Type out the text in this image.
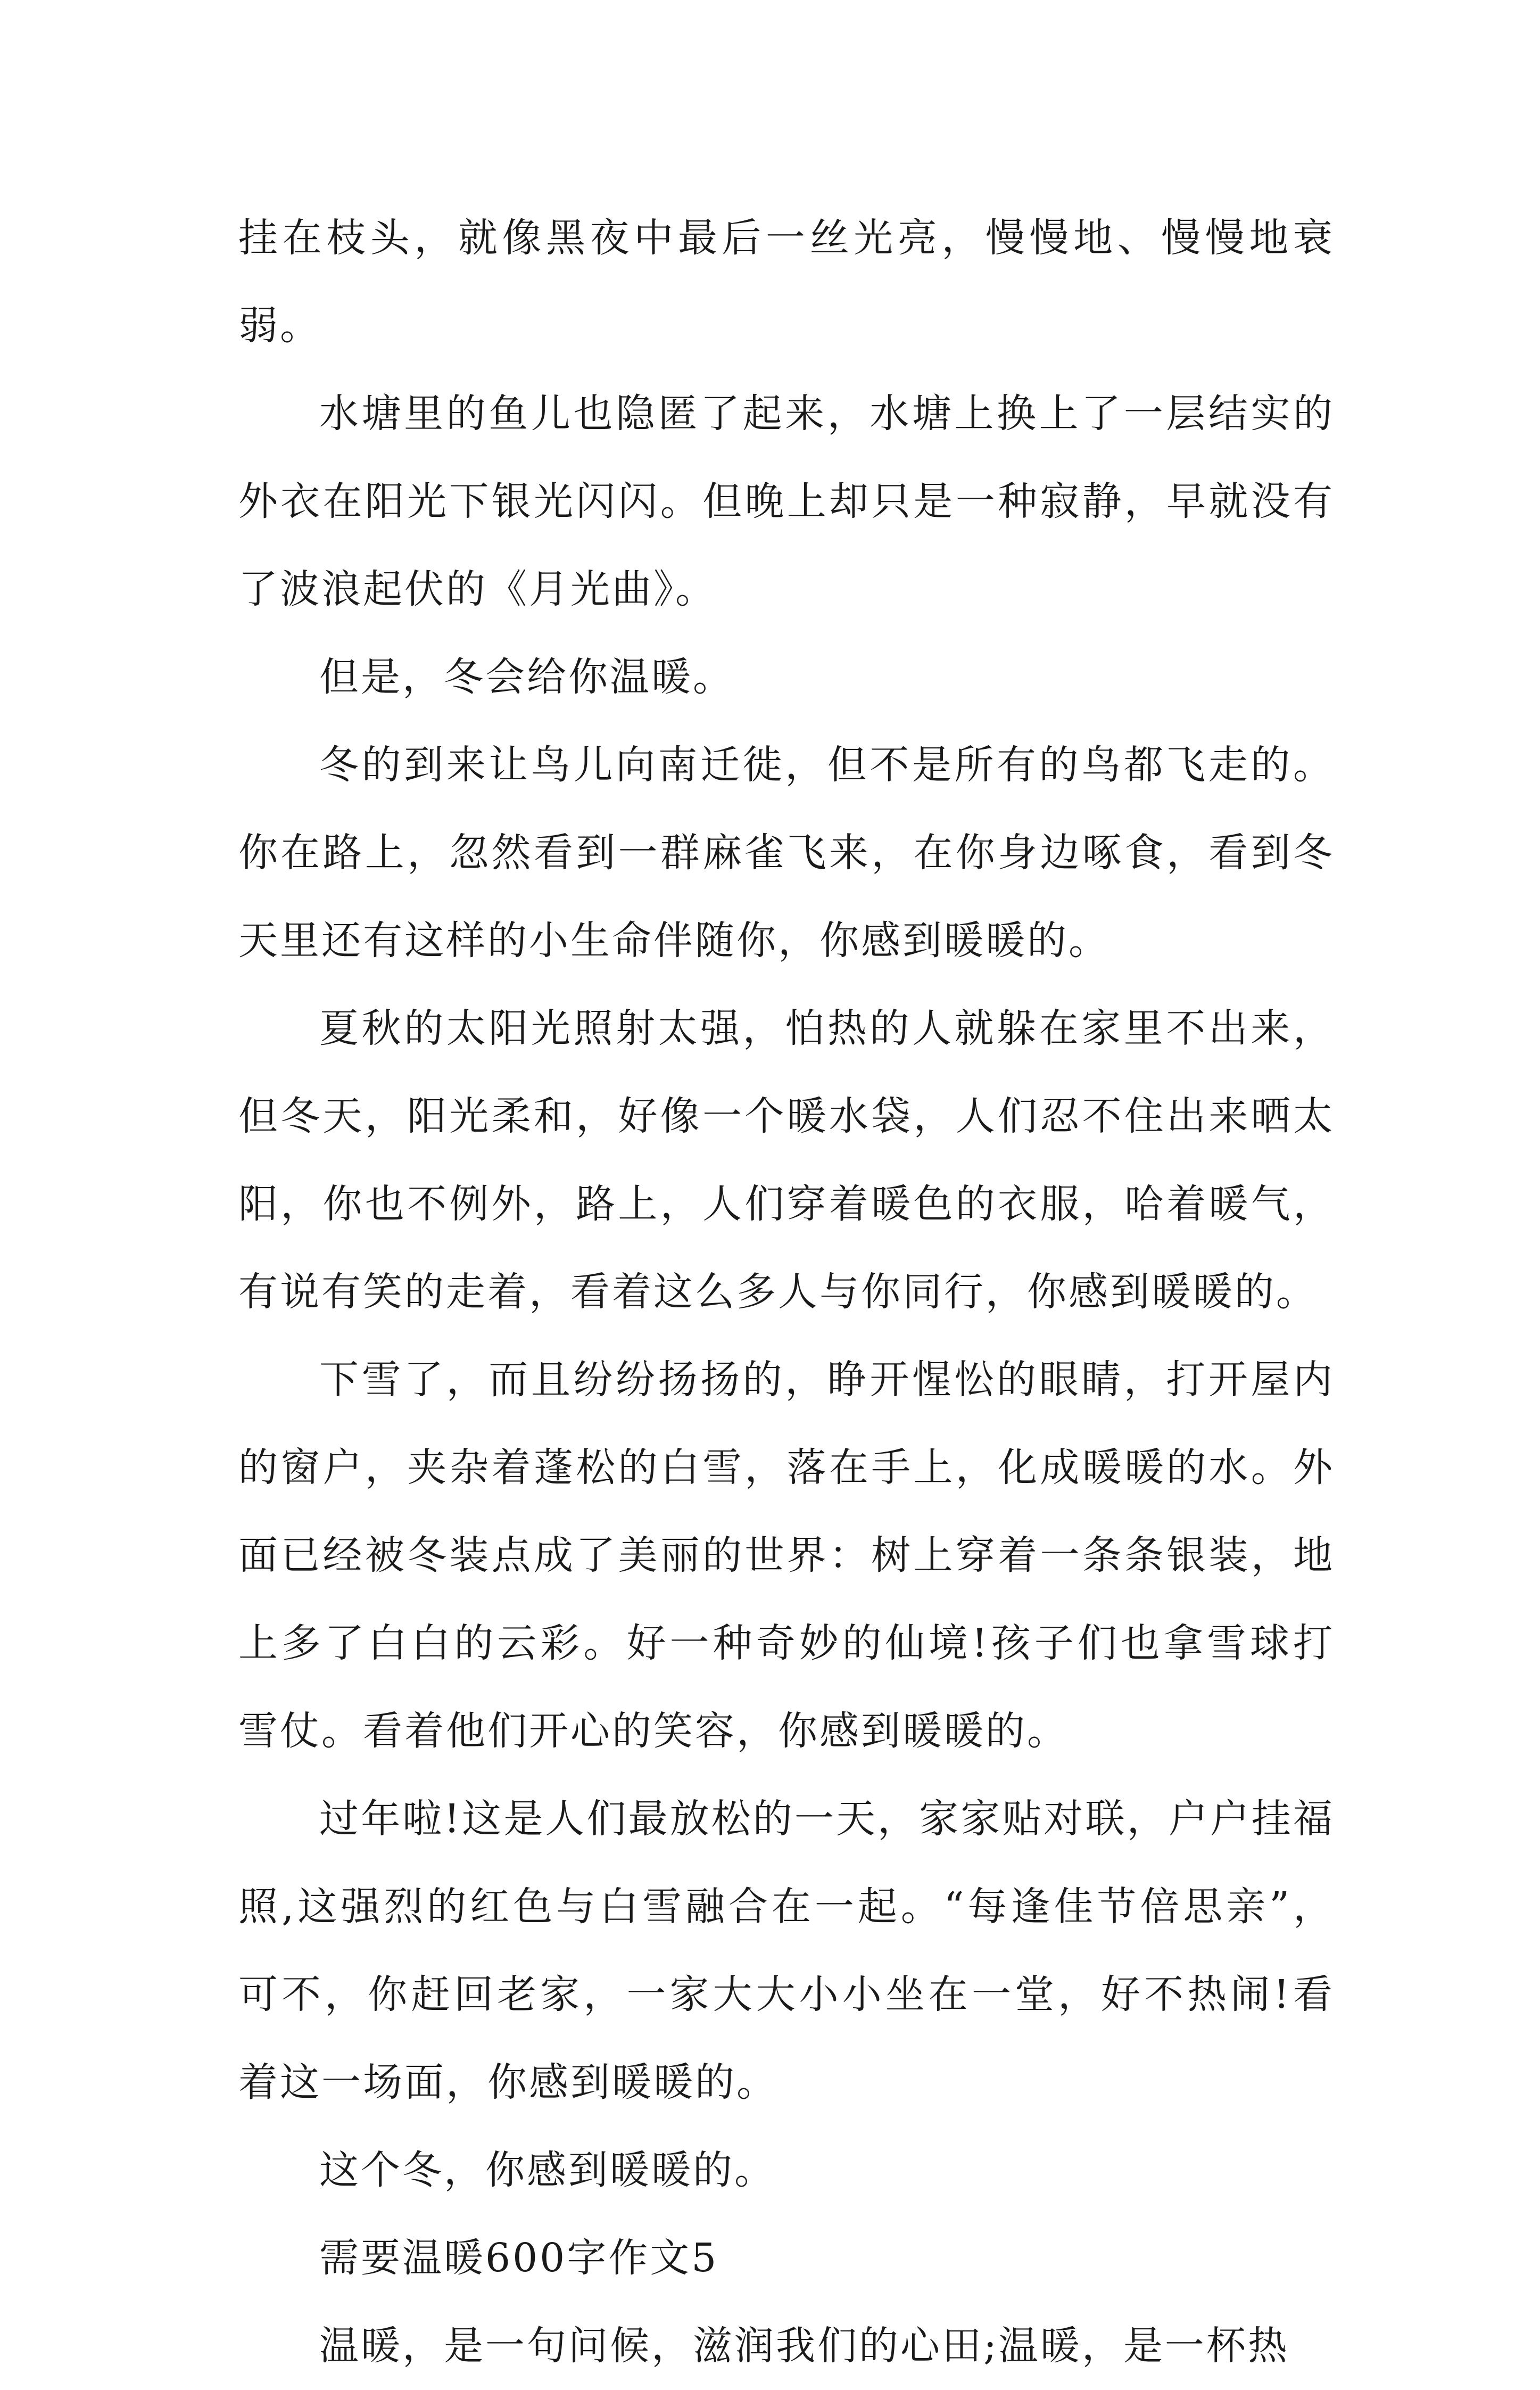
挂在枝头，就像黑夜中最后一丝光亮，慢慢地、慢慢地衰弱。

水塘里的鱼儿也隐匿了起来，水塘上换上了一层结实的外衣在阳光下银光闪闪。但晚上却只是一种寂静，早就没有了波浪起伏的《月光曲》。

但是，冬会给你温暖。

冬的到来让鸟儿向南迁徙，但不是所有的鸟都飞走的。你在路上，忽然看到一群麻雀飞来，在你身边啄食，看到冬天里还有这样的小生命伴随你，你感到暖暖的。

夏秋的太阳光照射太强，怕热的人就躲在家里不出来，但冬天，阳光柔和，好像一个暖水袋，人们忍不住出来晒太阳，你也不例外，路上，人们穿着暖色的衣服，哈着暖气，有说有笑的走着，看着这么多人与你同行，你感到暖暖的。

下雪了，而且纷纷扬扬的，睁开惺忪的眼睛，打开屋内的窗户，夹杂着蓬松的白雪，落在手上，化成暖暖的水。外面已经被冬装点成了美丽的世界：树上穿着一条条银装，地上多了白白的云彩。好一种奇妙的仙境!孩子们也拿雪球打雪仗。看着他们开心的笑容，你感到暖暖的。

过年啦!这是人们最放松的一天，家家贴对联，户户挂福照,这强烈的红色与白雪融合在一起。“每逢佳节倍思亲”，可不，你赶回老家，一家大大小小坐在一堂，好不热闹!看着这一场面，你感到暖暖的。

这个冬，你感到暖暖的。

需要温暖600字作文5

温暖，是一句问候，滋润我们的心田;温暖，是一杯热
